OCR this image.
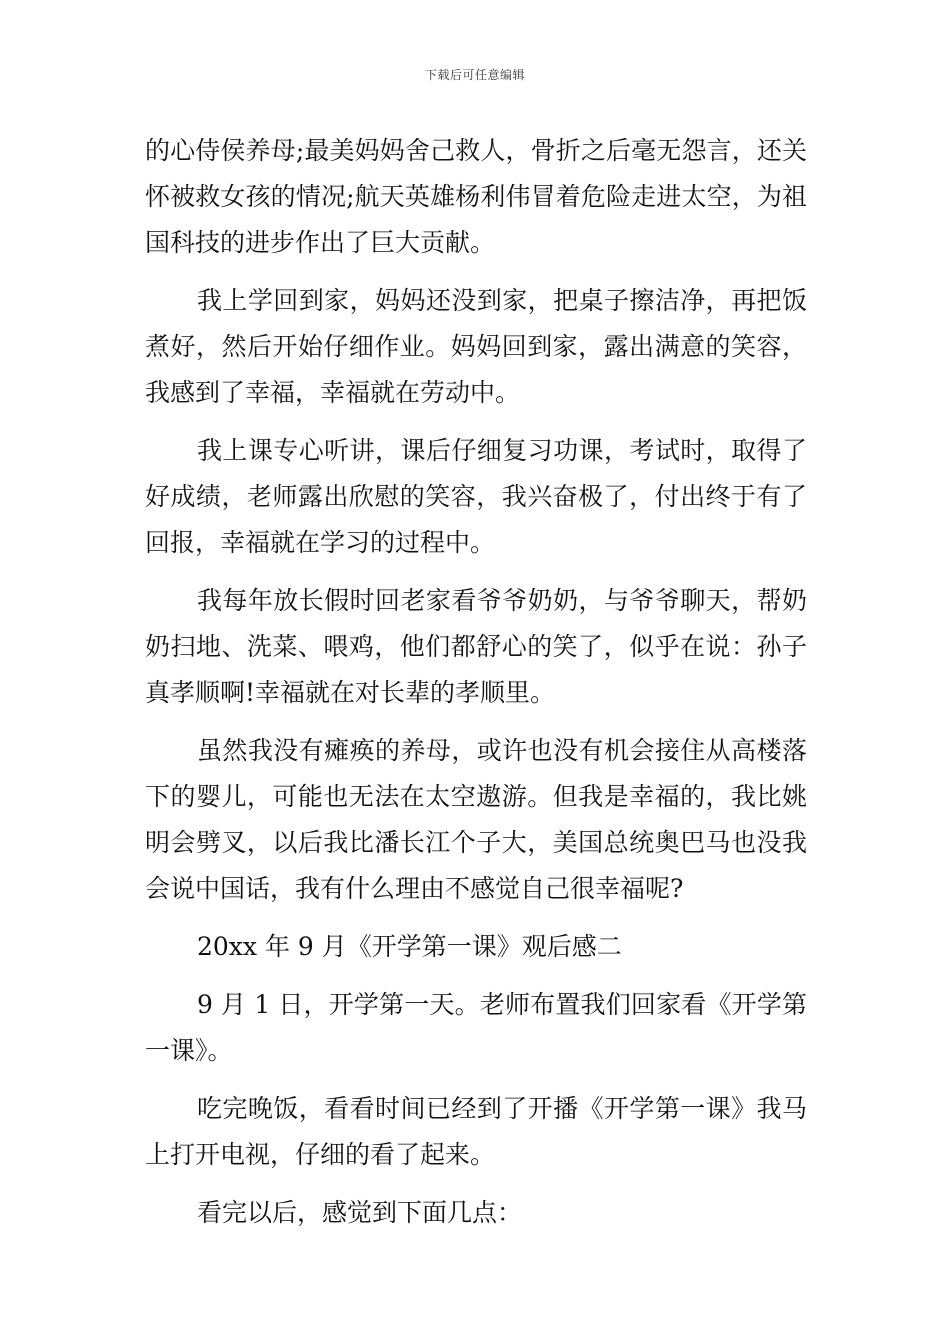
下载后可任意编辑

的心侍侯养母;最美妈妈舍己救人，骨折之后毫无怨言，还关怀被救女孩的情况;航天英雄杨利伟冒着危险走进太空，为祖国科技的进步作出了巨大贡献。

我上学回到家，妈妈还没到家，把桌子擦洁净，再把饭煮好，然后开始仔细作业。妈妈回到家，露出满意的笑容，我感到了幸福，幸福就在劳动中。

我上课专心听讲，课后仔细复习功课，考试时，取得了好成绩，老师露出欣慰的笑容，我兴奋极了，付出终于有了回报，幸福就在学习的过程中。

我每年放长假时回老家看爷爷奶奶，与爷爷聊天，帮奶奶扫地、洗菜、喂鸡，他们都舒心的笑了，似乎在说：孙子真孝顺啊!幸福就在对长辈的孝顺里。

虽然我没有瘫痪的养母，或许也没有机会接住从高楼落下的婴儿，可能也无法在太空遨游。但我是幸福的，我比姚明会劈叉，以后我比潘长江个子大，美国总统奥巴马也没我会说中国话，我有什么理由不感觉自己很幸福呢?

20xx 年 9 月《开学第一课》观后感二

9 月 1 日，开学第一天。老师布置我们回家看《开学第一课》。

吃完晚饭，看看时间已经到了开播《开学第一课》我马上打开电视，仔细的看了起来。

看完以后，感觉到下面几点：
